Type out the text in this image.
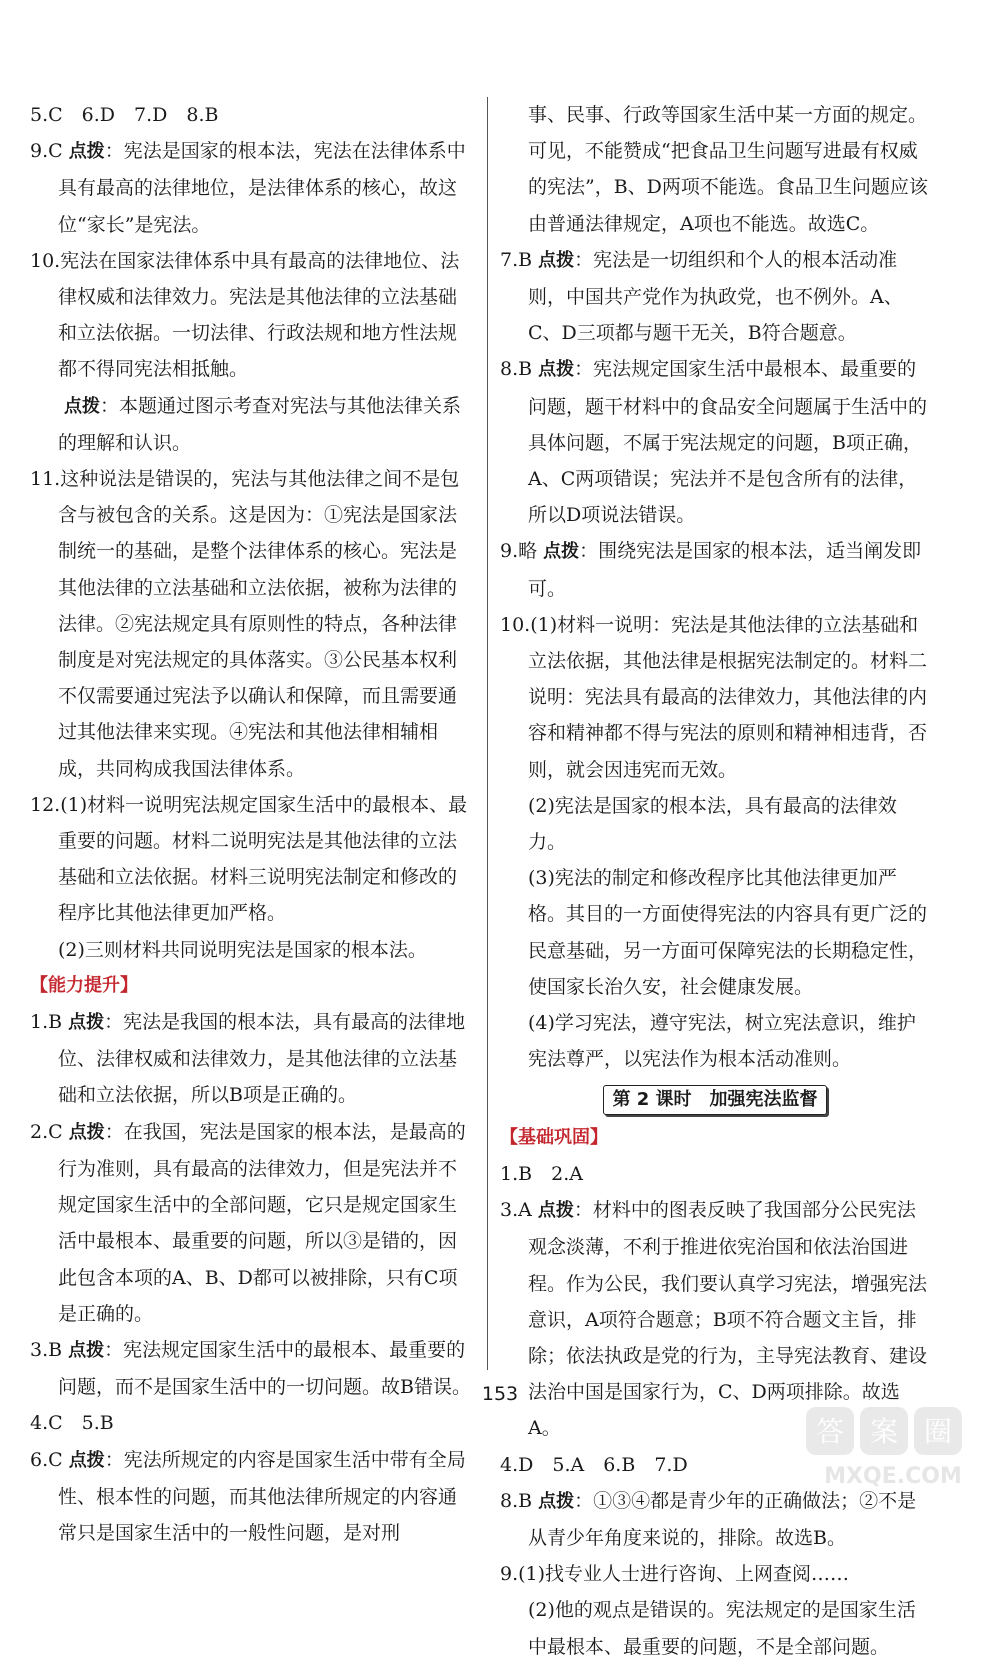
5.C　6.D　7.D　8.B

9.C 点拨：宪法是国家的根本法，宪法在法律体系中具有最高的法律地位，是法律体系的核心，故这位“家长”是宪法。

10.宪法在国家法律体系中具有最高的法律地位、法律权威和法律效力。宪法是其他法律的立法基础和立法依据。一切法律、行政法规和地方性法规都不得同宪法相抵触。

点拨：本题通过图示考查对宪法与其他法律关系的理解和认识。

11.这种说法是错误的，宪法与其他法律之间不是包含与被包含的关系。这是因为：①宪法是国家法制统一的基础，是整个法律体系的核心。宪法是其他法律的立法基础和立法依据，被称为法律的法律。②宪法规定具有原则性的特点，各种法律制度是对宪法规定的具体落实。③公民基本权利不仅需要通过宪法予以确认和保障，而且需要通过其他法律来实现。④宪法和其他法律相辅相成，共同构成我国法律体系。

12.(1)材料一说明宪法规定国家生活中的最根本、最重要的问题。材料二说明宪法是其他法律的立法基础和立法依据。材料三说明宪法制定和修改的程序比其他法律更加严格。

(2)三则材料共同说明宪法是国家的根本法。

【能力提升】

1.B 点拨：宪法是我国的根本法，具有最高的法律地位、法律权威和法律效力，是其他法律的立法基础和立法依据，所以B项是正确的。

2.C 点拨：在我国，宪法是国家的根本法，是最高的行为准则，具有最高的法律效力，但是宪法并不规定国家生活中的全部问题，它只是规定国家生活中最根本、最重要的问题，所以③是错的，因此包含本项的A、B、D都可以被排除，只有C项是正确的。

3.B 点拨：宪法规定国家生活中的最根本、最重要的问题，而不是国家生活中的一切问题。故B错误。

4.C　5.B

6.C 点拨：宪法所规定的内容是国家生活中带有全局性、根本性的问题，而其他法律所规定的内容通常只是国家生活中的一般性问题，是对刑

事、民事、行政等国家生活中某一方面的规定。可见，不能赞成“把食品卫生问题写进最有权威的宪法”，B、D两项不能选。食品卫生问题应该由普通法律规定，A项也不能选。故选C。

7.B 点拨：宪法是一切组织和个人的根本活动准则，中国共产党作为执政党，也不例外。A、C、D三项都与题干无关，B符合题意。

8.B 点拨：宪法规定国家生活中最根本、最重要的问题，题干材料中的食品安全问题属于生活中的具体问题，不属于宪法规定的问题，B项正确，A、C两项错误；宪法并不是包含所有的法律，所以D项说法错误。

9.略 点拨：围绕宪法是国家的根本法，适当阐发即可。

10.(1)材料一说明：宪法是其他法律的立法基础和立法依据，其他法律是根据宪法制定的。材料二说明：宪法具有最高的法律效力，其他法律的内容和精神都不得与宪法的原则和精神相违背，否则，就会因违宪而无效。

(2)宪法是国家的根本法，具有最高的法律效力。

(3)宪法的制定和修改程序比其他法律更加严格。其目的一方面使得宪法的内容具有更广泛的民意基础，另一方面可保障宪法的长期稳定性，使国家长治久安，社会健康发展。

(4)学习宪法，遵守宪法，树立宪法意识，维护宪法尊严，以宪法作为根本活动准则。

第 2 课时　加强宪法监督

【基础巩固】

1.B　2.A

3.A 点拨：材料中的图表反映了我国部分公民宪法观念淡薄，不利于推进依宪治国和依法治国进程。作为公民，我们要认真学习宪法，增强宪法意识，A项符合题意；B项不符合题文主旨，排除；依法执政是党的行为，主导宪法教育、建设法治中国是国家行为，C、D两项排除。故选A。

4.D　5.A　6.B　7.D

8.B 点拨：①③④都是青少年的正确做法；②不是从青少年角度来说的，排除。故选B。

9.(1)找专业人士进行咨询、上网查阅……

(2)他的观点是错误的。宪法规定的是国家生活中最根本、最重要的问题，不是全部问题。

153
答 案 圈
MXQE.COM
